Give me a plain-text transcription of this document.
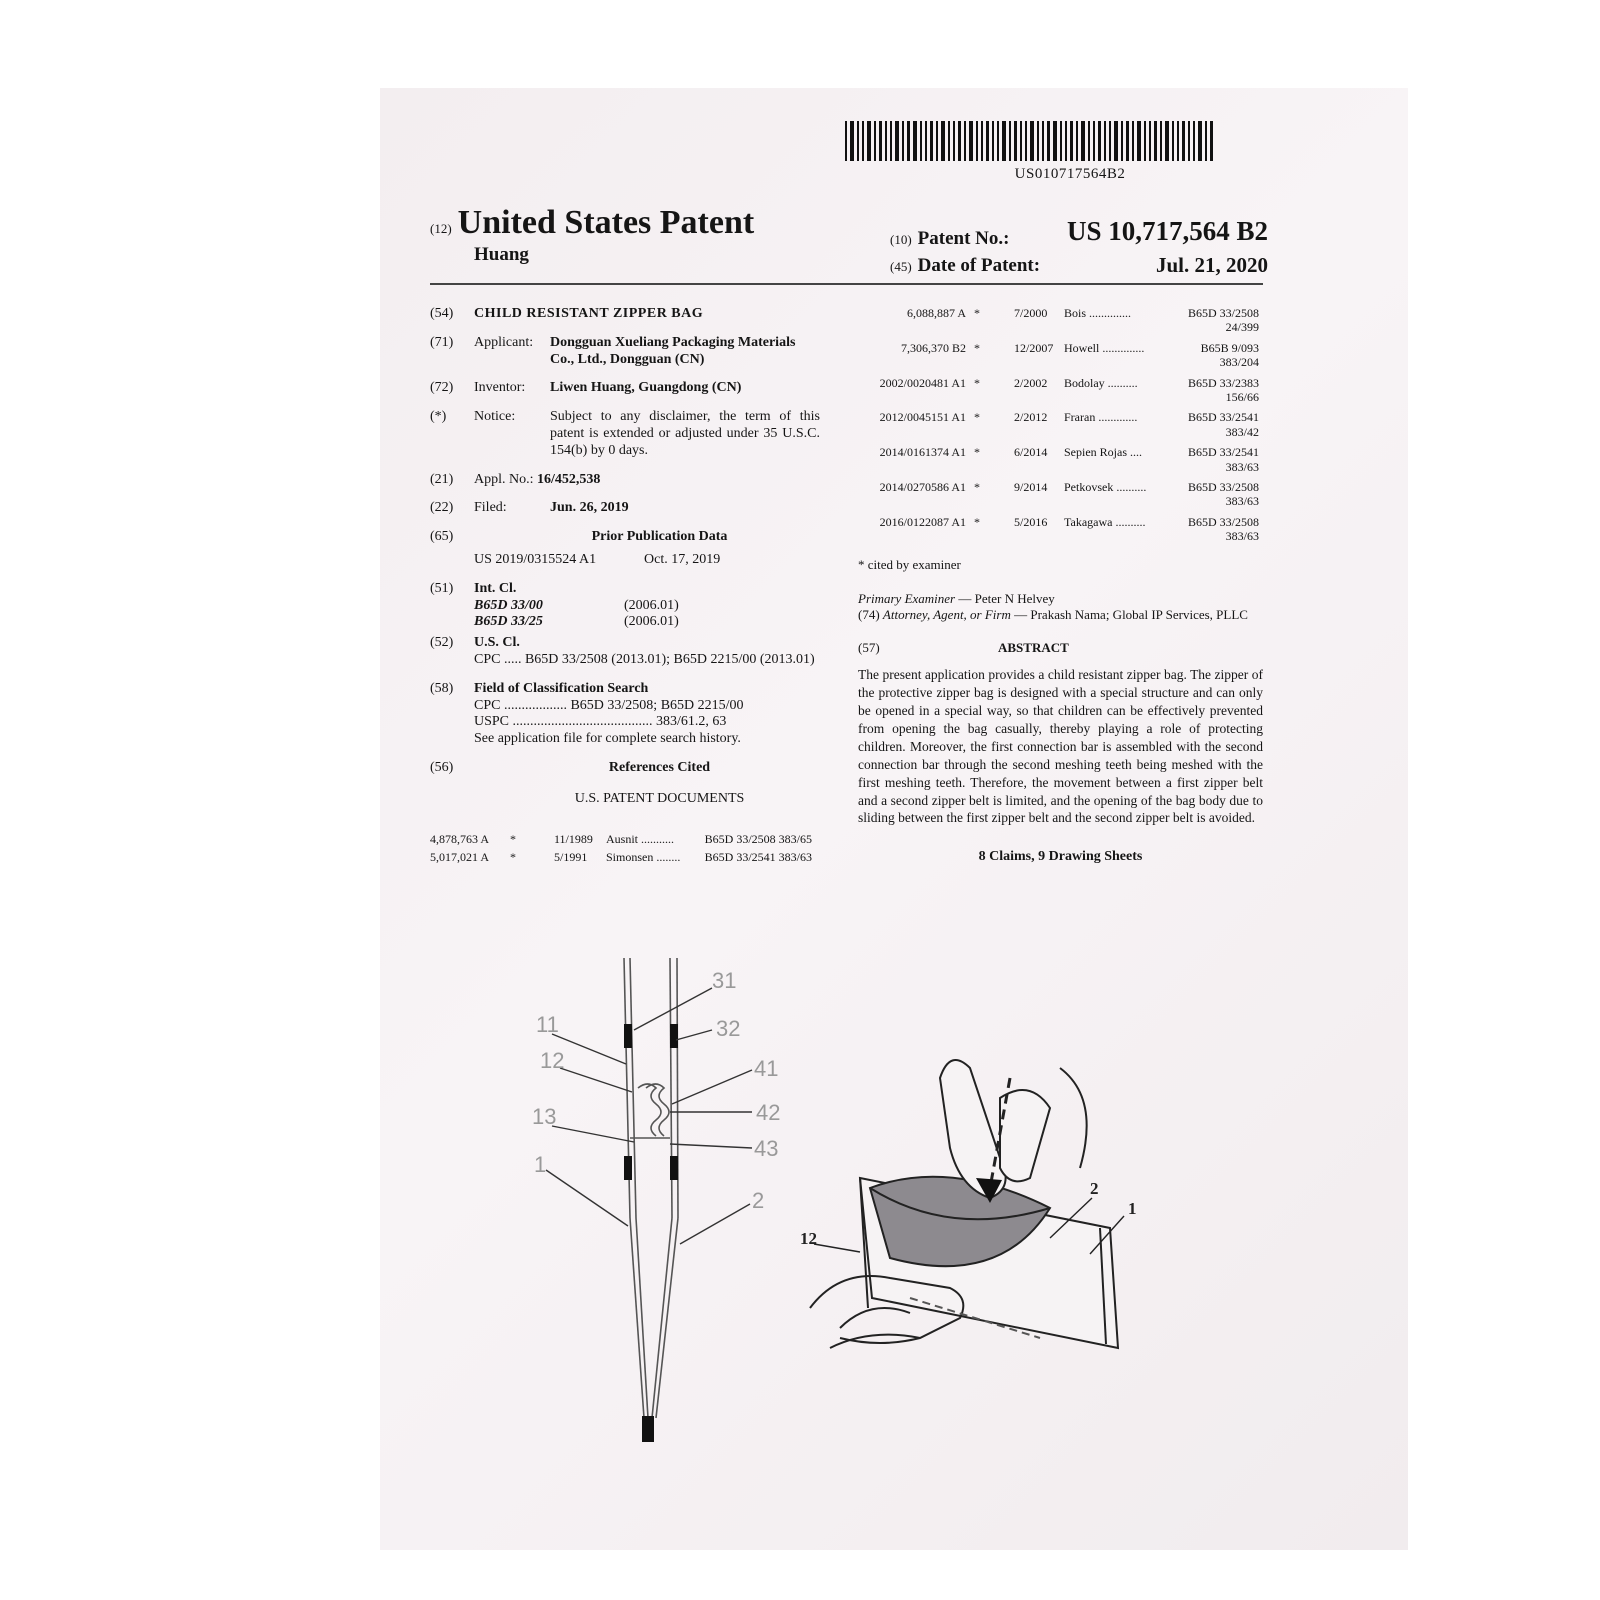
US010717564B2
(12) United States Patent
Huang
(10) Patent No.: US 10,717,564 B2
(45) Date of Patent:	Jul. 21, 2020
(54)	CHILD RESISTANT ZIPPER BAG
(71)	Applicant: Dongguan Xueliang Packaging Materials Co., Ltd., Dongguan (CN)
(72)	Inventor: Liwen Huang, Guangdong (CN)
(*)	Notice: Subject to any disclaimer, the term of this patent is extended or adjusted under 35 U.S.C. 154(b) by 0 days.
(21)	Appl. No.: 16/452,538
(22)	Filed:	Jun. 26, 2019
(65)	Prior Publication Data
US 2019/0315524 A1	Oct. 17, 2019
(51)	Int. Cl.
B65D 33/00	(2006.01)
B65D 33/25	(2006.01)
(52)	U.S. Cl.
CPC ..... B65D 33/2508 (2013.01); B65D 2215/00 (2013.01)
(58)	Field of Classification Search
CPC .................. B65D 33/2508; B65D 2215/00
USPC ........................................ 383/61.2, 63
See application file for complete search history.
(56)	References Cited
U.S. PATENT DOCUMENTS
4,878,763 A	*	11/1989	Ausnit ...........	B65D 33/2508 383/65
5,017,021 A	*	5/1991	Simonsen ........	B65D 33/2541 383/63
6,088,887 A *	7/2000	Bois ..............	B65D 33/2508 24/399
7,306,370 B2 *	12/2007 Howell ..............	B65B 9/093 383/204
2002/0020481 A1 *	2/2002	Bodolay ..........	B65D 33/2383 156/66
2012/0045151 A1 *	2/2012	Fraran .............	B65D 33/2541 383/42
2014/0161374 A1 *	6/2014	Sepien Rojas ....	B65D 33/2541 383/63
2014/0270586 A1 *	9/2014	Petkovsek ..........	B65D 33/2508 383/63
2016/0122087 A1 *	5/2016	Takagawa ..........	B65D 33/2508 383/63
* cited by examiner
Primary Examiner — Peter N Helvey
(74) Attorney, Agent, or Firm — Prakash Nama; Global IP Services, PLLC
(57)	ABSTRACT
The present application provides a child resistant zipper bag. The zipper of the protective zipper bag is designed with a special structure and can only be opened in a special way, so that children can be effectively prevented from opening the bag casually, thereby playing a role of protecting children. Moreover, the first connection bar is assembled with the second connection bar through the second meshing teeth being meshed with the first meshing teeth. Therefore, the movement between a first zipper belt and a second zipper belt is limited, and the opening of the bag body due to sliding between the first zipper belt and the second zipper belt is avoided.
8 Claims, 9 Drawing Sheets
31
32
11
41
12
42
13
43
1
2
12
2
1
